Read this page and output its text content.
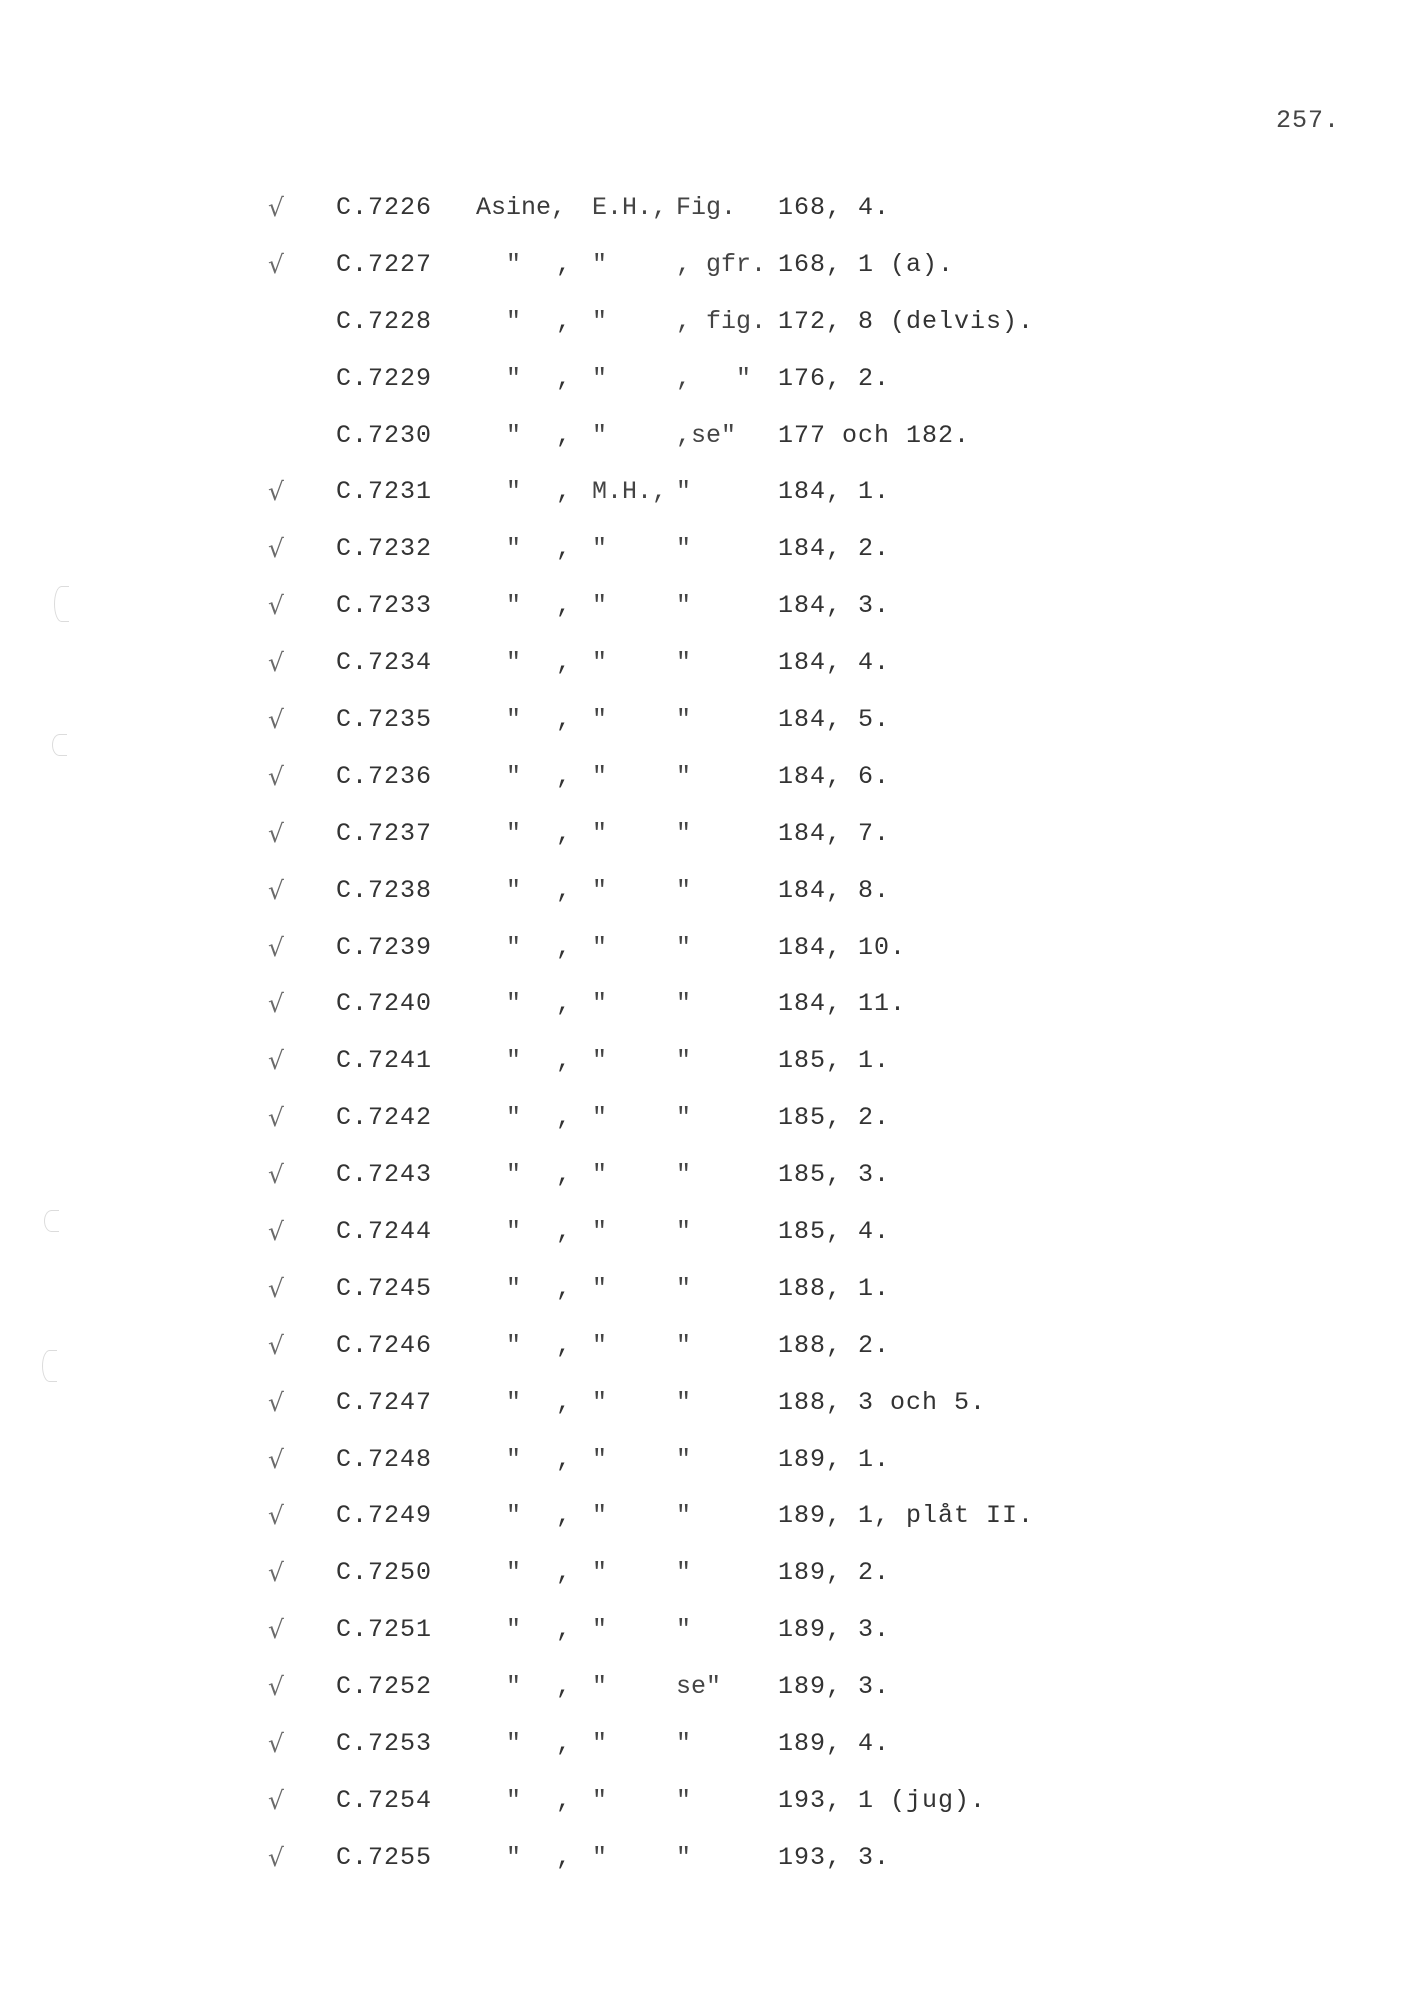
257.
√	C.7226 Asine, E.H., Fig. 168, 4.
√	C.7227	" , "	, gfr. 168, 1 (a).
C.7228	" , "	, fig. 172, 8 (delvis).
C.7229	" , "	,   " 176, 2.
C.7230	" , "	,se" 177 och 182.
√	C.7231	" , M.H., "	184, 1.
√	C.7232	" , "	"	184, 2.
√	C.7233	" , "	"	184, 3.
√	C.7234	" , "	"	184, 4.
√	C.7235	" , "	"	184, 5.
√	C.7236	" , "	"	184, 6.
√	C.7237	" , "	"	184, 7.
√	C.7238	" , "	"	184, 8.
√	C.7239	" , "	"	184, 10.
√	C.7240	" , "	"	184, 11.
√	C.7241	" , "	"	185, 1.
√	C.7242	" , "	"	185, 2.
√	C.7243	" , "	"	185, 3.
√	C.7244	" , "	"	185, 4.
√	C.7245	" , "	"	188, 1.
√	C.7246	" , "	"	188, 2.
√	C.7247	" , "	"	188, 3 och 5.
√	C.7248	" , "	"	189, 1.
√	C.7249	" , "	"	189, 1, plåt II.
√	C.7250	" , "	"	189, 2.
√	C.7251	" , "	"	189, 3.
√	C.7252	" , "	se" 189, 3.
√	C.7253	" , "	"	189, 4.
√	C.7254	" , "	"	193, 1 (jug).
√	C.7255	" , "	"	193, 3.
